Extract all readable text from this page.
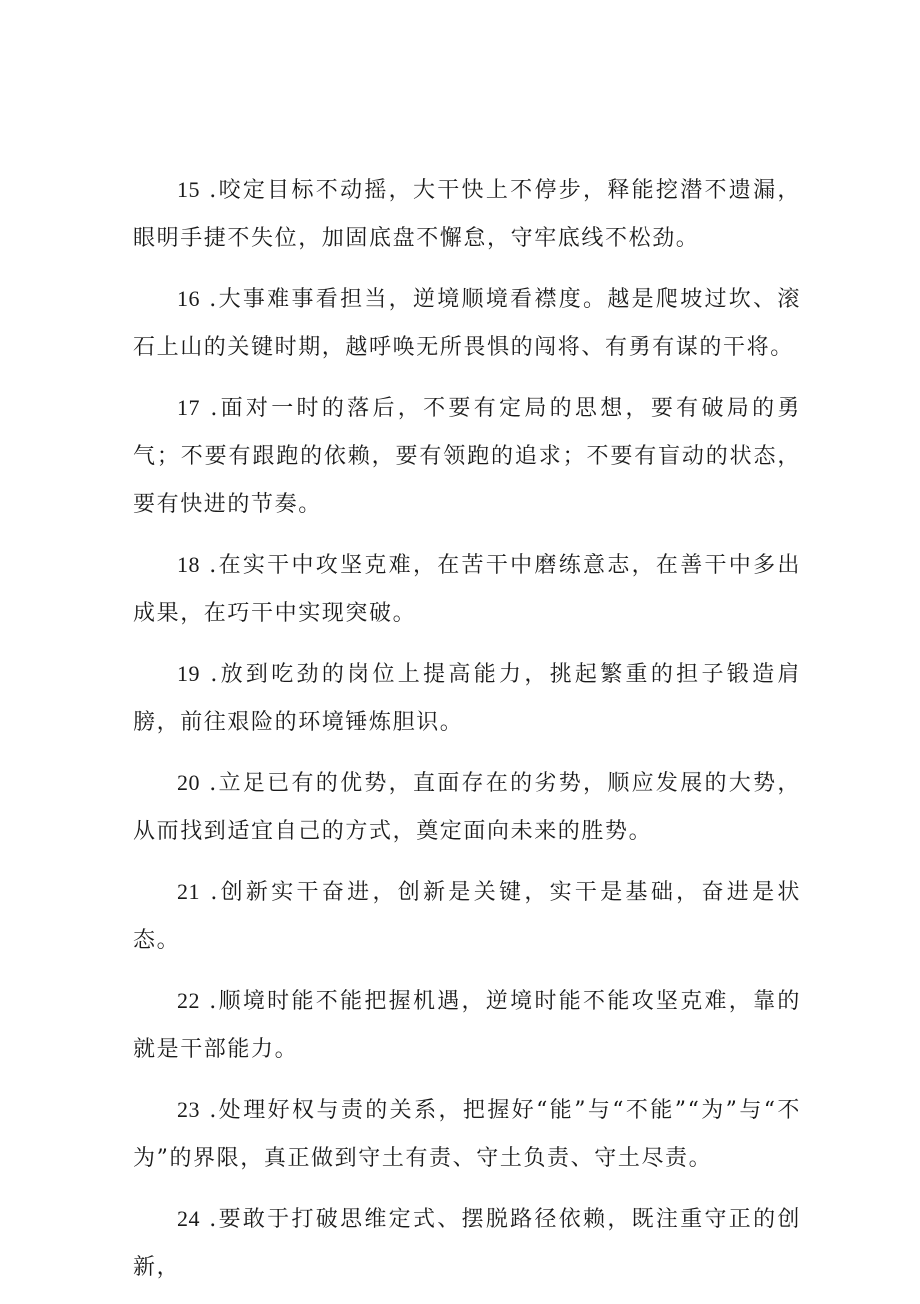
15 .咬定目标不动摇，大干快上不停步，释能挖潜不遗漏，眼明手捷不失位，加固底盘不懈怠，守牢底线不松劲。

16 .大事难事看担当，逆境顺境看襟度。越是爬坡过坎、滚石上山的关键时期，越呼唤无所畏惧的闯将、有勇有谋的干将。

17 .面对一时的落后，不要有定局的思想，要有破局的勇气；不要有跟跑的依赖，要有领跑的追求；不要有盲动的状态，要有快进的节奏。

18 .在实干中攻坚克难，在苦干中磨练意志，在善干中多出成果，在巧干中实现突破。

19 .放到吃劲的岗位上提高能力，挑起繁重的担子锻造肩膀，前往艰险的环境锤炼胆识。

20 .立足已有的优势，直面存在的劣势，顺应发展的大势，从而找到适宜自己的方式，奠定面向未来的胜势。

21 .创新实干奋进，创新是关键，实干是基础，奋进是状态。

22 .顺境时能不能把握机遇，逆境时能不能攻坚克难，靠的就是干部能力。

23 .处理好权与责的关系，把握好“能”与“不能”“为”与“不为”的界限，真正做到守土有责、守土负责、守土尽责。

24 .要敢于打破思维定式、摆脱路径依赖，既注重守正的创新，
